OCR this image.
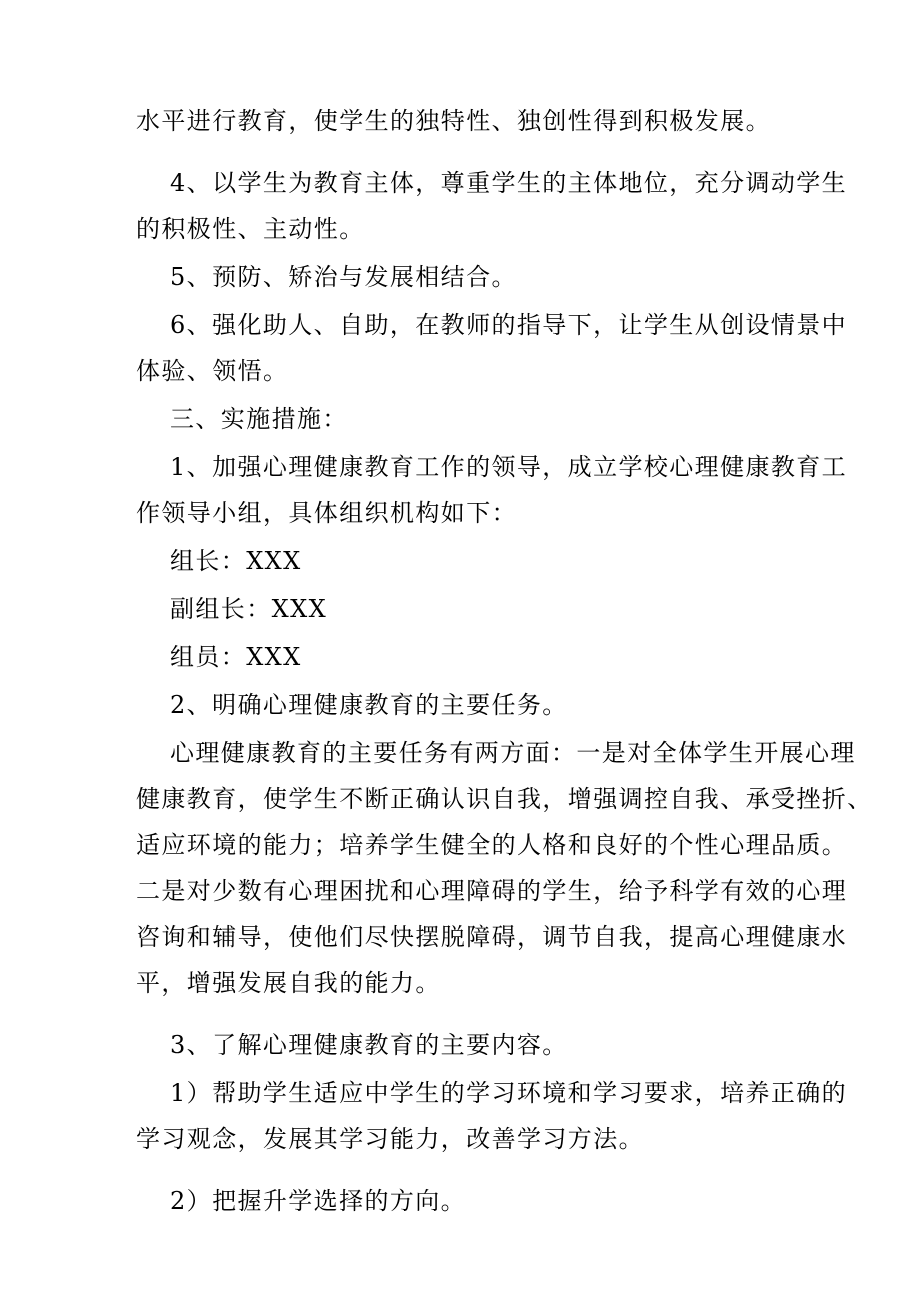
水平进行教育，使学生的独特性、独创性得到积极发展。

4、以学生为教育主体，尊重学生的主体地位，充分调动学生
的积极性、主动性。

5、预防、矫治与发展相结合。

6、强化助人、自助，在教师的指导下，让学生从创设情景中
体验、领悟。

三、实施措施：

1、加强心理健康教育工作的领导，成立学校心理健康教育工
作领导小组，具体组织机构如下：

组长：XXX

副组长：XXX

组员：XXX

2、明确心理健康教育的主要任务。

心理健康教育的主要任务有两方面：一是对全体学生开展心理
健康教育，使学生不断正确认识自我，增强调控自我、承受挫折、
适应环境的能力；培养学生健全的人格和良好的个性心理品质。
二是对少数有心理困扰和心理障碍的学生，给予科学有效的心理
咨询和辅导，使他们尽快摆脱障碍，调节自我，提高心理健康水
平，增强发展自我的能力。

3、了解心理健康教育的主要内容。

1）帮助学生适应中学生的学习环境和学习要求，培养正确的
学习观念，发展其学习能力，改善学习方法。

2）把握升学选择的方向。
